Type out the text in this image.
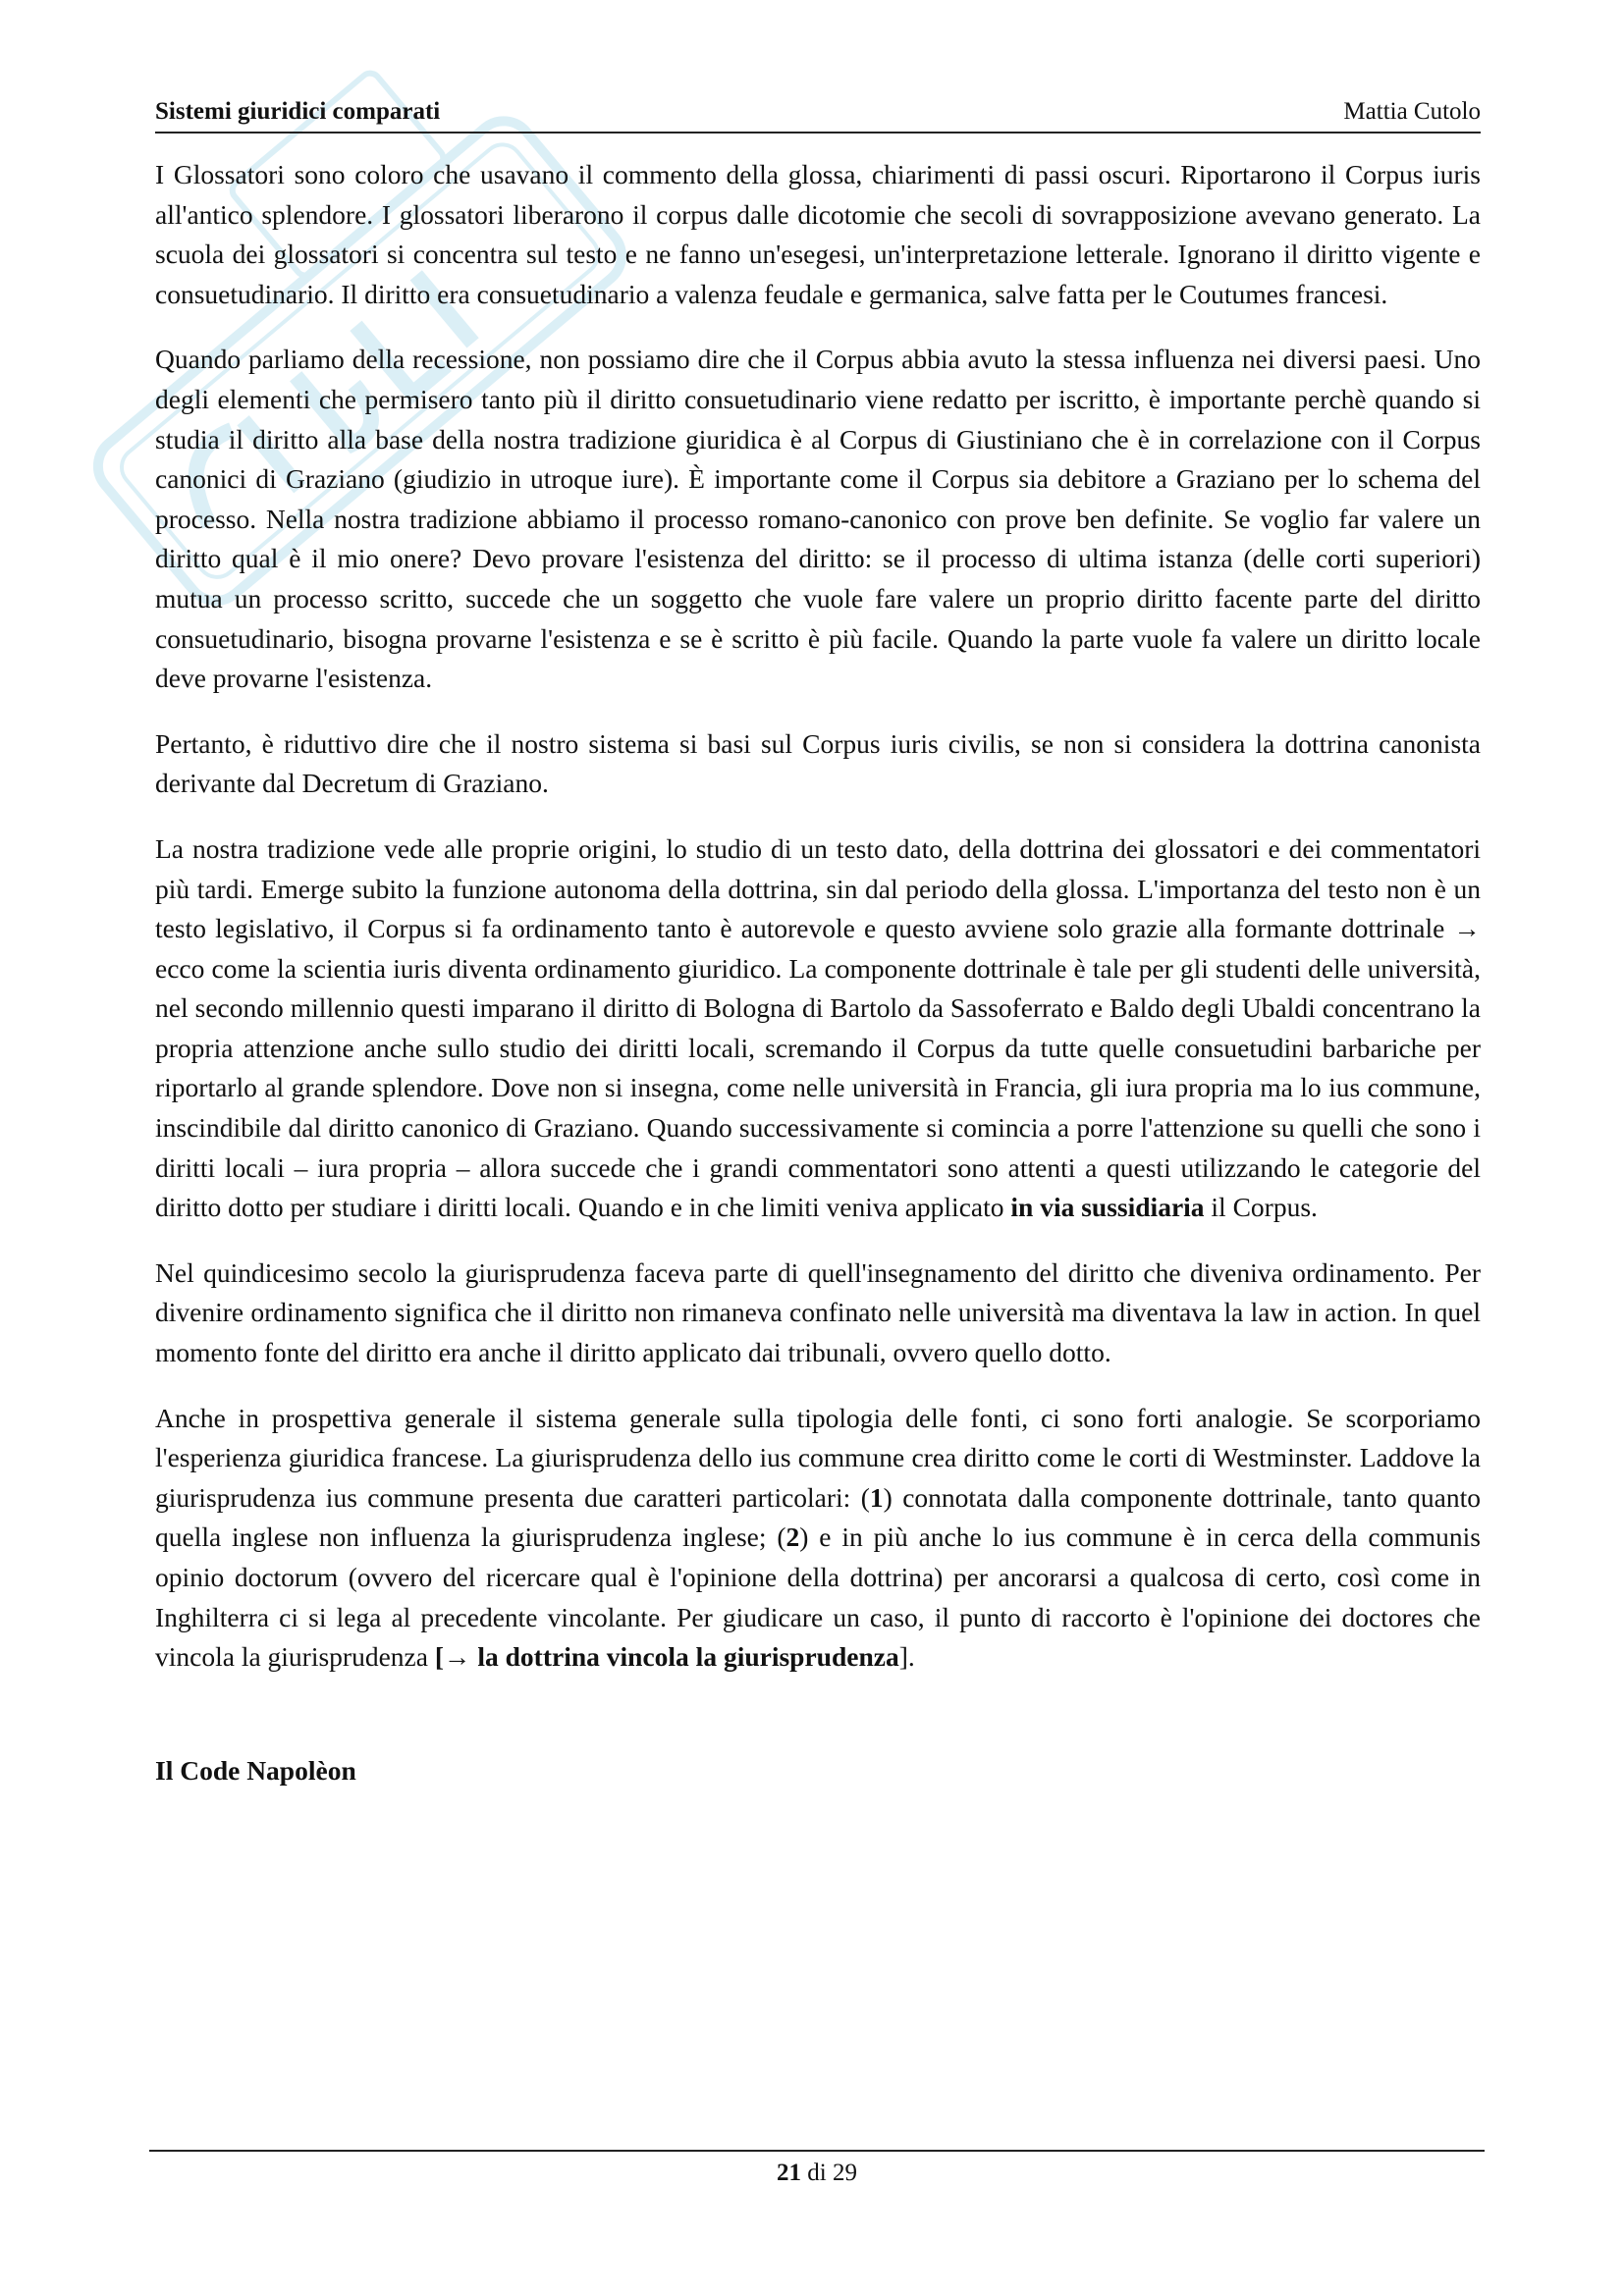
Sistemi giuridici comparati	Mattia Cutolo

I Glossatori sono coloro che usavano il commento della glossa, chiarimenti di passi oscuri. Riportarono il Corpus iuris all'antico splendore. I glossatori liberarono il corpus dalle dicotomie che secoli di sovrapposizione avevano generato. La scuola dei glossatori si concentra sul testo e ne fanno un'esegesi, un'interpretazione letterale. Ignorano il diritto vigente e consuetudinario. Il diritto era consuetudinario a valenza feudale e germanica, salve fatta per le Coutumes francesi.

Quando parliamo della recessione, non possiamo dire che il Corpus abbia avuto la stessa influenza nei diversi paesi. Uno degli elementi che permisero tanto più il diritto consuetudinario viene redatto per iscritto, è importante perchè quando si studia il diritto alla base della nostra tradizione giuridica è al Corpus di Giustiniano che è in correlazione con il Corpus canonici di Graziano (giudizio in utroque iure). È importante come il Corpus sia debitore a Graziano per lo schema del processo. Nella nostra tradizione abbiamo il processo romano-canonico con prove ben definite. Se voglio far valere un diritto qual è il mio onere? Devo provare l'esistenza del diritto: se il processo di ultima istanza (delle corti superiori) mutua un processo scritto, succede che un soggetto che vuole fare valere un proprio diritto facente parte del diritto consuetudinario, bisogna provarne l'esistenza e se è scritto è più facile. Quando la parte vuole fa valere un diritto locale deve provarne l'esistenza.

Pertanto, è riduttivo dire che il nostro sistema si basi sul Corpus iuris civilis, se non si considera la dottrina canonista derivante dal Decretum di Graziano.

La nostra tradizione vede alle proprie origini, lo studio di un testo dato, della dottrina dei glossatori e dei commentatori più tardi. Emerge subito la funzione autonoma della dottrina, sin dal periodo della glossa. L'importanza del testo non è un testo legislativo, il Corpus si fa ordinamento tanto è autorevole e questo avviene solo grazie alla formante dottrinale → ecco come la scientia iuris diventa ordinamento giuridico. La componente dottrinale è tale per gli studenti delle università, nel secondo millennio questi imparano il diritto di Bologna di Bartolo da Sassoferrato e Baldo degli Ubaldi concentrano la propria attenzione anche sullo studio dei diritti locali, scremando il Corpus da tutte quelle consuetudini barbariche per riportarlo al grande splendore. Dove non si insegna, come nelle università in Francia, gli iura propria ma lo ius commune, inscindibile dal diritto canonico di Graziano. Quando successivamente si comincia a porre l'attenzione su quelli che sono i diritti locali – iura propria – allora succede che i grandi commentatori sono attenti a questi utilizzando le categorie del diritto dotto per studiare i diritti locali. Quando e in che limiti veniva applicato in via sussidiaria il Corpus.

Nel quindicesimo secolo la giurisprudenza faceva parte di quell'insegnamento del diritto che diveniva ordinamento. Per divenire ordinamento significa che il diritto non rimaneva confinato nelle università ma diventava la law in action. In quel momento fonte del diritto era anche il diritto applicato dai tribunali, ovvero quello dotto.

Anche in prospettiva generale il sistema generale sulla tipologia delle fonti, ci sono forti analogie. Se scorporiamo l'esperienza giuridica francese. La giurisprudenza dello ius commune crea diritto come le corti di Westminster. Laddove la giurisprudenza ius commune presenta due caratteri particolari: (1) connotata dalla componente dottrinale, tanto quanto quella inglese non influenza la giurisprudenza inglese; (2) e in più anche lo ius commune è in cerca della communis opinio doctorum (ovvero del ricercare qual è l'opinione della dottrina) per ancorarsi a qualcosa di certo, così come in Inghilterra ci si lega al precedente vincolante. Per giudicare un caso, il punto di raccorto è l'opinione dei doctores che vincola la giurisprudenza [→ la dottrina vincola la giurisprudenza].

Il Code Napolèon

21 di 29
